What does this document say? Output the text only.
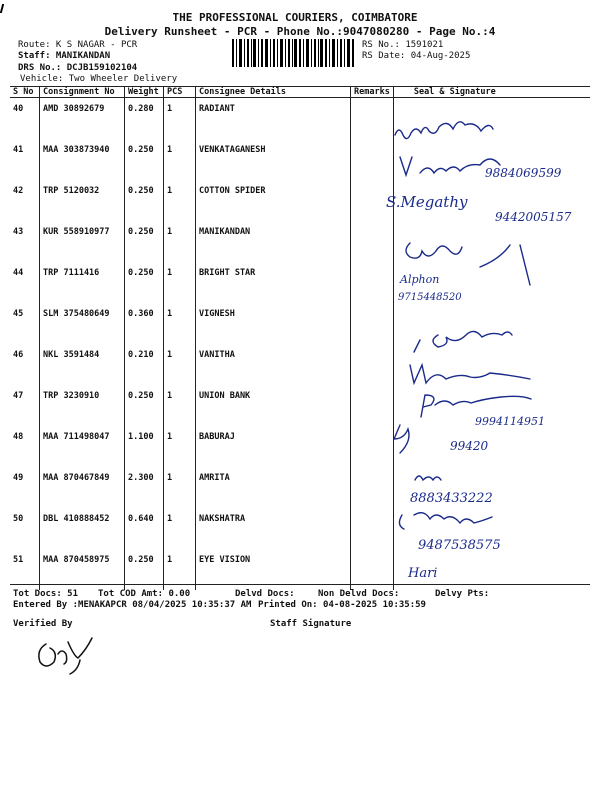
THE PROFESSIONAL COURIERS, COIMBATORE
Delivery Runsheet - PCR - Phone No.:9047080280 - Page No.:4
Route: K S NAGAR - PCR
Staff: MANIKANDAN
DRS No.: DCJB159102104
Vehicle: Two Wheeler Delivery
RS No.: 1591021
RS Date: 04-Aug-2025
S No	Consignment No	Weight	PCS	Consignee Details	Remarks	Seal & Signature
40	AMD 30892679	0.280	1	RADIANT		
41	MAA 303873940	0.250	1	VENKATAGANESH		
42	TRP 5120032	0.250	1	COTTON SPIDER		
43	KUR 558910977	0.250	1	MANIKANDAN		
44	TRP 7111416	0.250	1	BRIGHT STAR		
45	SLM 375480649	0.360	1	VIGNESH		
46	NKL 3591484	0.210	1	VANITHA		
47	TRP 3230910	0.250	1	UNION BANK		
48	MAA 711498047	1.100	1	BABURAJ		
49	MAA 870467849	2.300	1	AMRITA		
50	DBL 410888452	0.640	1	NAKSHATRA		
51	MAA 870458975	0.250	1	EYE VISION		
9884069599
S.Megathy
9442005157
Alphon
9715448520
9994114951
99420
8883433222
9487538575
Hari
Tot Docs: 51 Tot COD Amt: 0.00	Delvd Docs:	Non Delvd Docs:	Delvy Pts:
Entered By :MENAKAPCR 08/04/2025 10:35:37 AM Printed On: 04-08-2025 10:35:59
Verified By	Staff Signature
